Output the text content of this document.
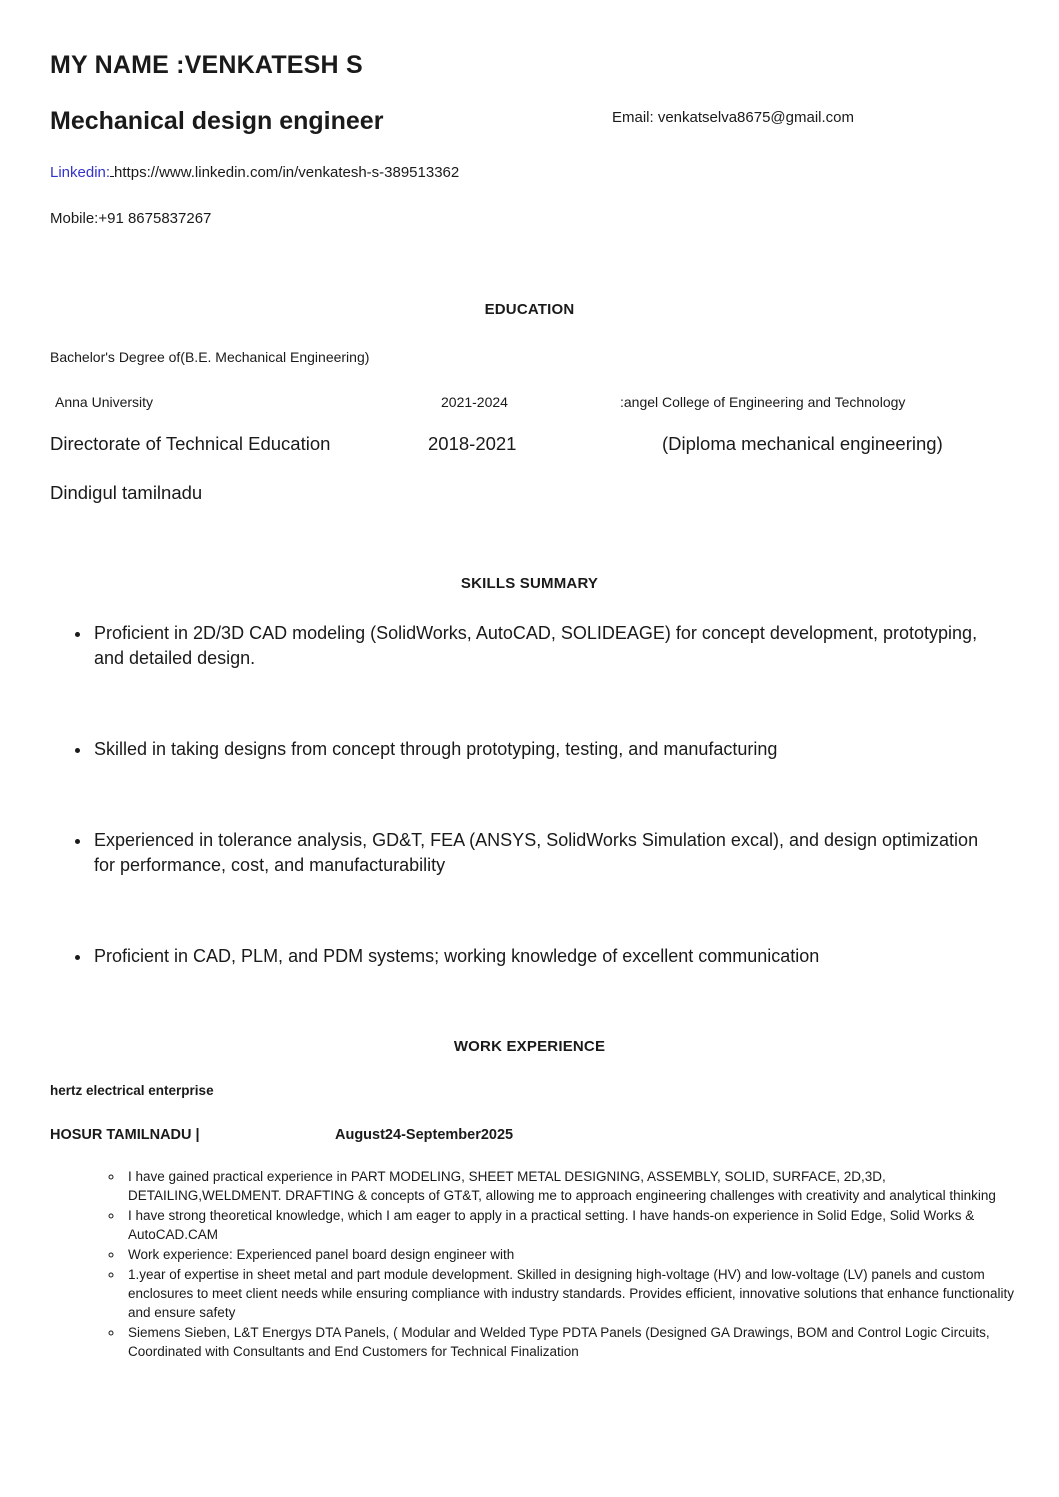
MY NAME :VENKATESH S
Mechanical design engineer	Email: venkatselva8675@gmail.com
Linkedin: https://www.linkedin.com/in/venkatesh-s-389513362
Mobile:+91 8675837267
EDUCATION
Bachelor's Degree of(B.E. Mechanical Engineering)
Anna University	2021-2024	:angel College of Engineering and Technology
Directorate of Technical Education	2018-2021	(Diploma mechanical engineering)
Dindigul tamilnadu
SKILLS SUMMARY
• Proficient in 2D/3D CAD modeling (SolidWorks, AutoCAD, SOLIDEAGE) for concept development, prototyping, and detailed design.
• Skilled in taking designs from concept through prototyping, testing, and manufacturing
• Experienced in tolerance analysis, GD&T, FEA (ANSYS, SolidWorks Simulation excal), and design optimization for performance, cost, and manufacturability
• Proficient in CAD, PLM, and PDM systems; working knowledge of excellent communication
WORK EXPERIENCE
hertz electrical enterprise
HOSUR TAMILNADU |	August24-September2025
◦ I have gained practical experience in PART MODELING, SHEET METAL DESIGNING, ASSEMBLY, SOLID, SURFACE, 2D,3D, DETAILING,WELDMENT. DRAFTING & concepts of GT&T, allowing me to approach engineering challenges with creativity and analytical thinking
◦ I have strong theoretical knowledge, which I am eager to apply in a practical setting. I have hands-on experience in Solid Edge, Solid Works & AutoCAD.CAM
◦ Work experience: Experienced panel board design engineer with
◦ 1.year of expertise in sheet metal and part module development. Skilled in designing high-voltage (HV) and low-voltage (LV) panels and custom enclosures to meet client needs while ensuring compliance with industry standards. Provides efficient, innovative solutions that enhance functionality and ensure safety
◦ Siemens Sieben, L&T Energys DTA Panels, ( Modular and Welded Type PDTA Panels (Designed GA Drawings, BOM and Control Logic Circuits, Coordinated with Consultants and End Customers for Technical Finalization
